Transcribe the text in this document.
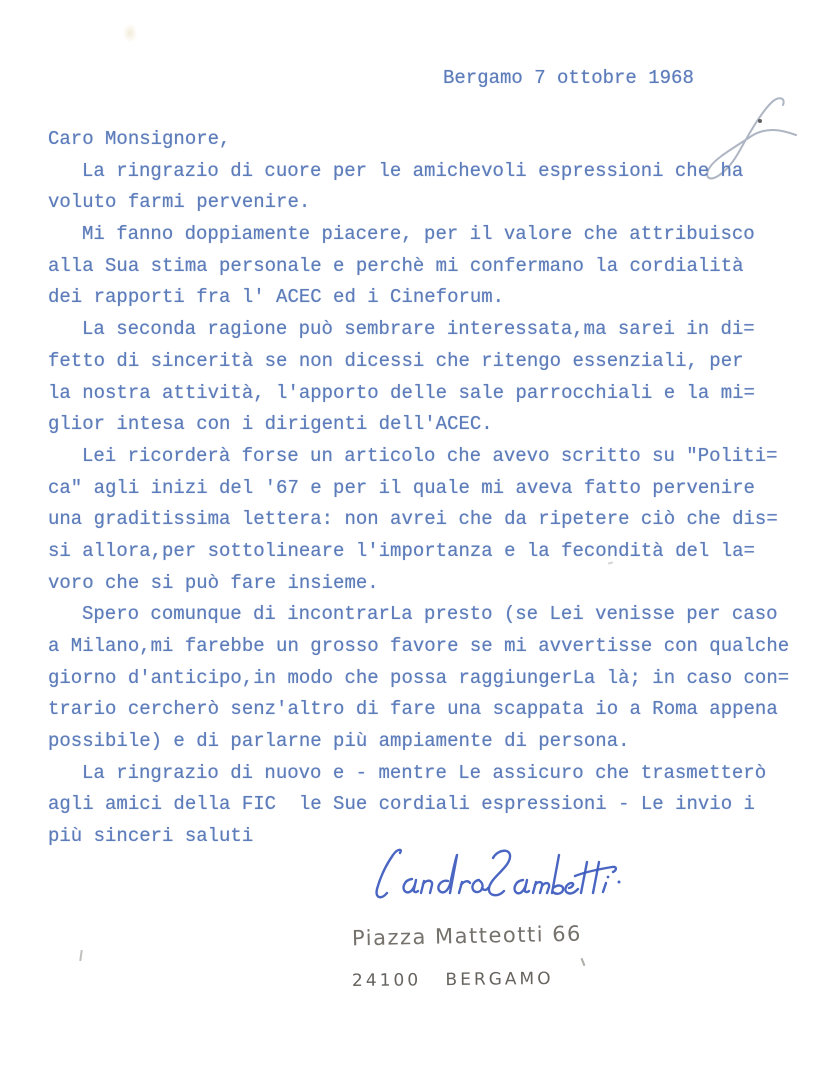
Bergamo 7 ottobre 1968
Caro Monsignore,
La ringrazio di cuore per le amichevoli espressioni che ha
voluto farmi pervenire.
Mi fanno doppiamente piacere, per il valore che attribuisco
alla Sua stima personale e perchè mi confermano la cordialità
dei rapporti fra l' ACEC ed i Cineforum.
La seconda ragione può sembrare interessata,ma sarei in di=
fetto di sincerità se non dicessi che ritengo essenziali, per
la nostra attività, l'apporto delle sale parrocchiali e la mi=
glior intesa con i dirigenti dell'ACEC.
Lei ricorderà forse un articolo che avevo scritto su "Politi=
ca" agli inizi del '67 e per il quale mi aveva fatto pervenire
una graditissima lettera: non avrei che da ripetere ciò che dis=
si allora,per sottolineare l'importanza e la fecondità del la=
voro che si può fare insieme.
Spero comunque di incontrarLa presto (se Lei venisse per caso
a Milano,mi farebbe un grosso favore se mi avvertisse con qualche
giorno d'anticipo,in modo che possa raggiungerLa là; in caso con=
trario cercherò senz'altro di fare una scappata io a Roma appena
possibile) e di parlarne più ampiamente di persona.
La ringrazio di nuovo e - mentre Le assicuro che trasmetterò
agli amici della FIC  le Sue cordiali espressioni - Le invio i
più sinceri saluti
Piazza Matteotti 66
24100 BERGAMO
